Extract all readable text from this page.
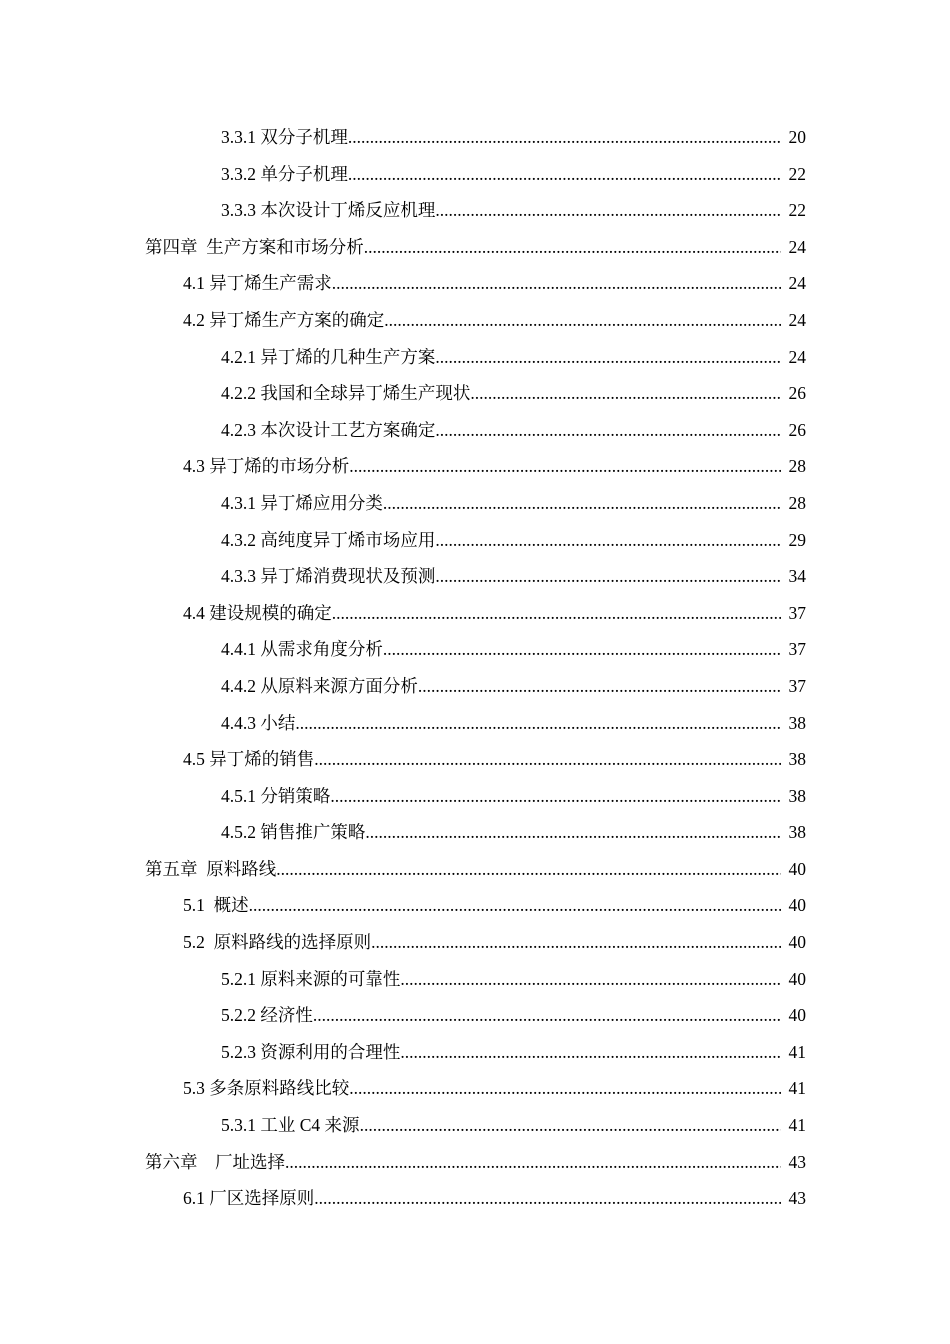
3.3.1 双分子机理 .....	20
3.3.2 单分子机理 .....	22
3.3.3 本次设计丁烯反应机理 .....	22
第四章  生产方案和市场分析 .....	24
4.1 异丁烯生产需求 .....	24
4.2 异丁烯生产方案的确定 .....	24
4.2.1 异丁烯的几种生产方案 .....	24
4.2.2 我国和全球异丁烯生产现状 .....	26
4.2.3 本次设计工艺方案确定 .....	26
4.3 异丁烯的市场分析 .....	28
4.3.1 异丁烯应用分类 .....	28
4.3.2 高纯度异丁烯市场应用 .....	29
4.3.3 异丁烯消费现状及预测 .....	34
4.4 建设规模的确定 .....	37
4.4.1 从需求角度分析 .....	37
4.4.2 从原料来源方面分析 .....	37
4.4.3 小结 .....	38
4.5 异丁烯的销售 .....	38
4.5.1 分销策略 .....	38
4.5.2 销售推广策略 .....	38
第五章  原料路线 .....	40
5.1  概述 .....	40
5.2  原料路线的选择原则 .....	40
5.2.1 原料来源的可靠性 .....	40
5.2.2 经济性 .....	40
5.2.3 资源利用的合理性 .....	41
5.3 多条原料路线比较 .....	41
5.3.1 工业 C4 来源 .....	41
第六章    厂址选择 .....	43
6.1 厂区选择原则 .....	43
